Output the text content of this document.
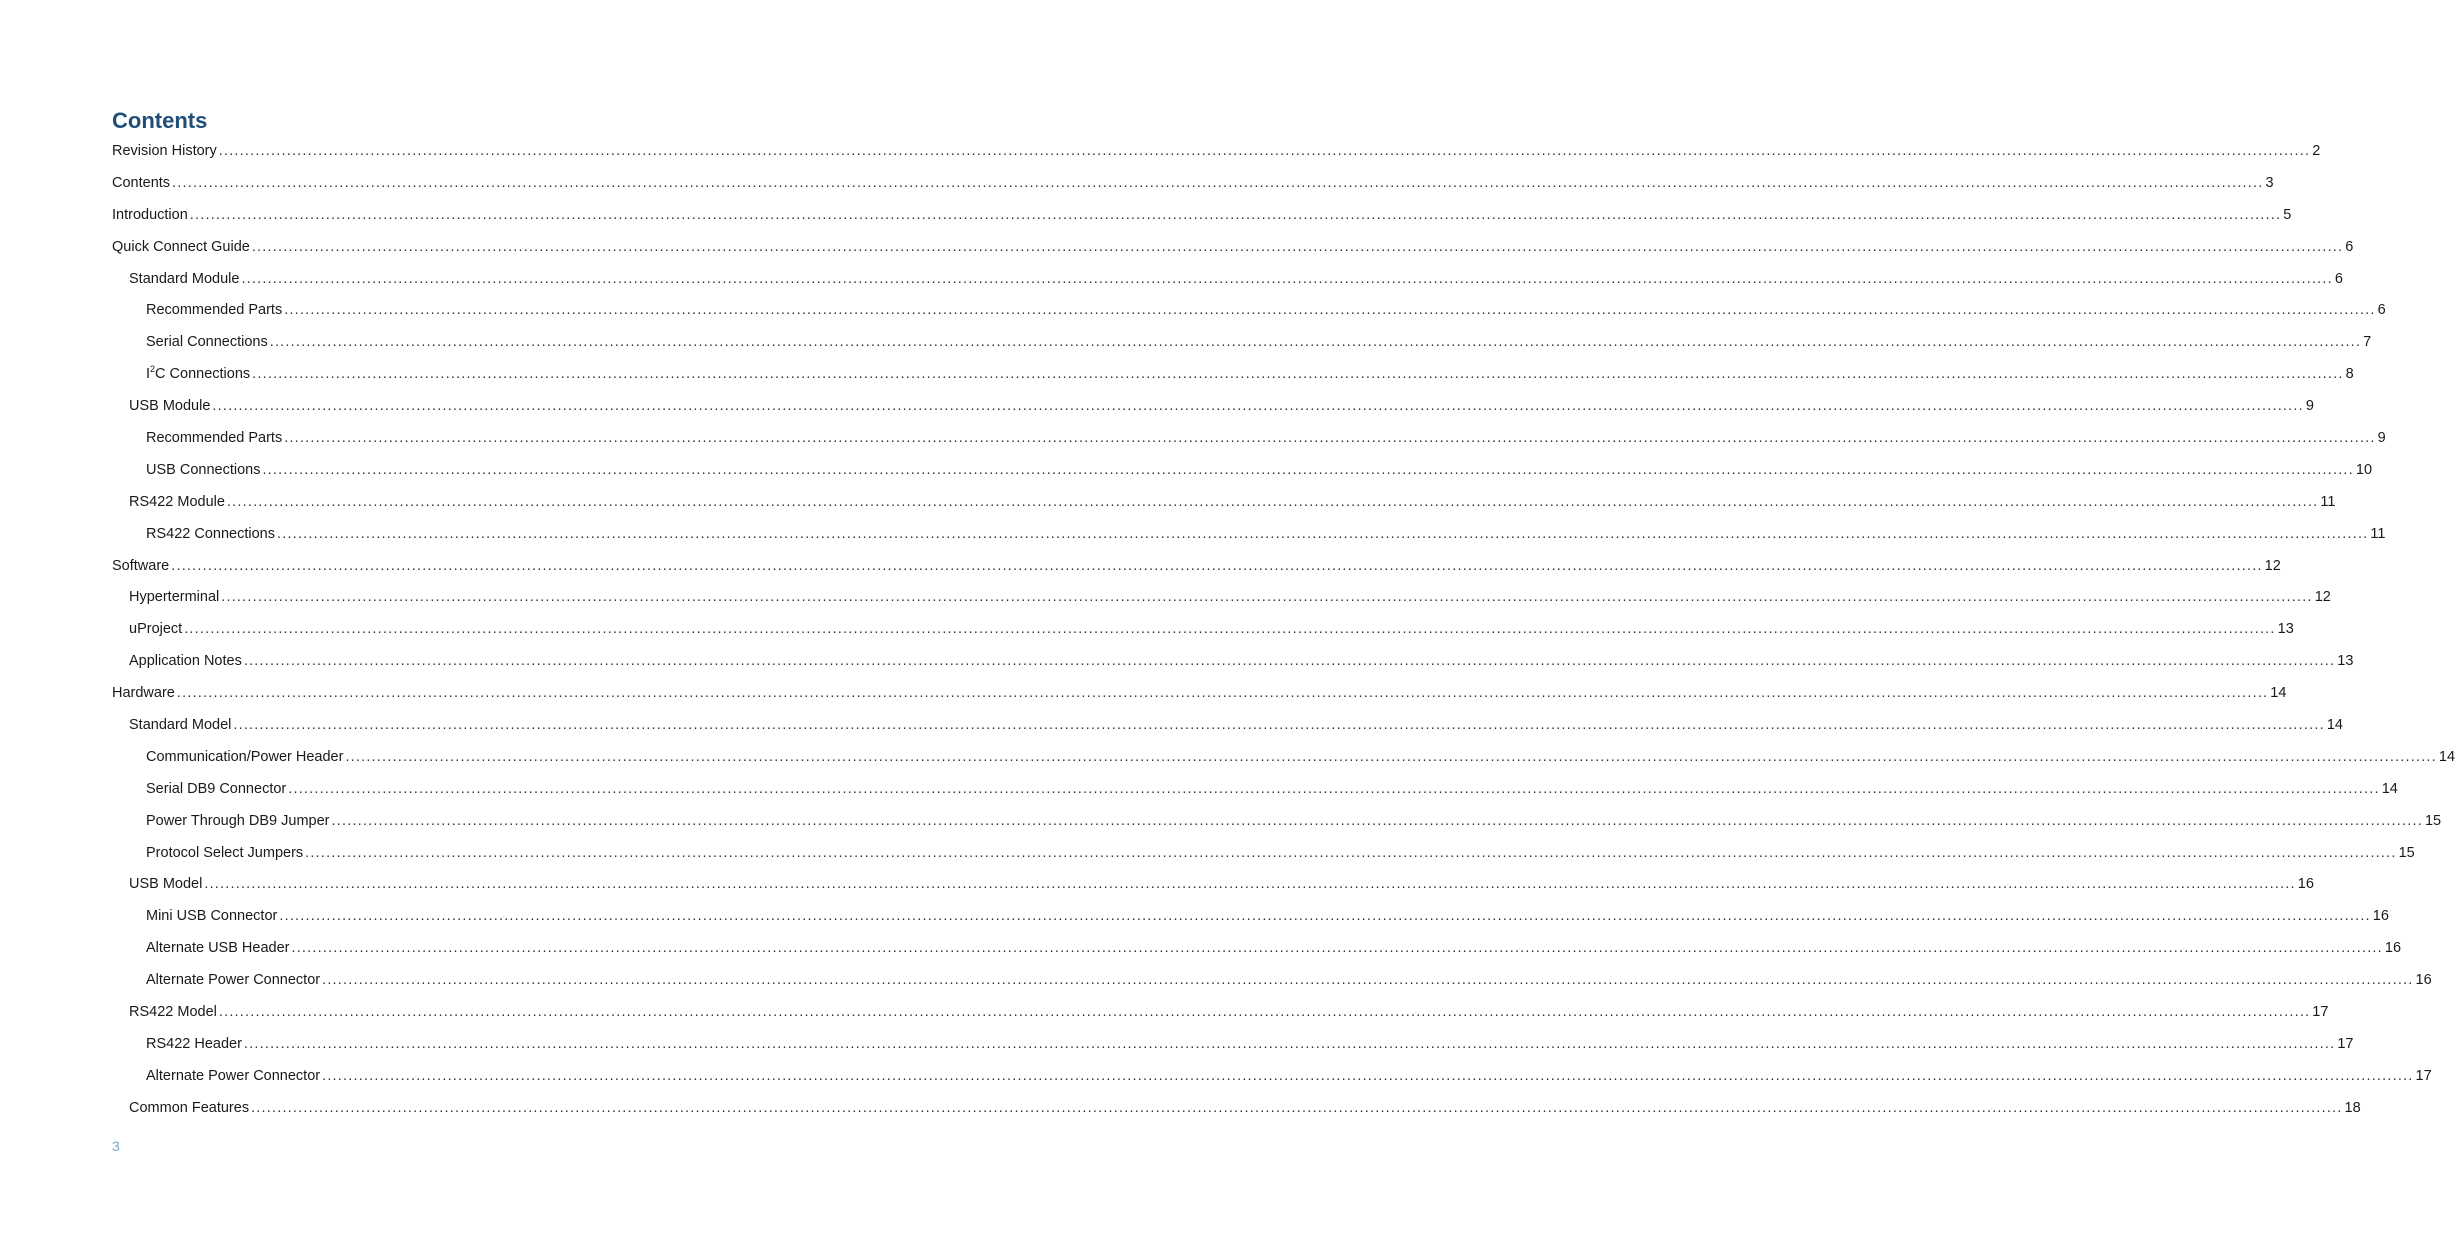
Contents
Revision History ................................................................................................................................................................................................................................................................................................................................................................................................................ 2
Contents ................................................................................................................................................................................................................................................................................................................................................................................................................ 3
Introduction ................................................................................................................................................................................................................................................................................................................................................................................................................ 5
Quick Connect Guide ................................................................................................................................................................................................................................................................................................................................................................................................................ 6
Standard Module ................................................................................................................................................................................................................................................................................................................................................................................................................ 6
Recommended Parts ................................................................................................................................................................................................................................................................................................................................................................................................................ 6
Serial Connections ................................................................................................................................................................................................................................................................................................................................................................................................................ 7
$I^2C$ Connections ................................................................................................................................................................................................................................................................................................................................................................................................................ 8
USB Module ................................................................................................................................................................................................................................................................................................................................................................................................................ 9
Recommended Parts ................................................................................................................................................................................................................................................................................................................................................................................................................ 9
USB Connections ................................................................................................................................................................................................................................................................................................................................................................................................................ 10
RS422 Module ................................................................................................................................................................................................................................................................................................................................................................................................................ 11
RS422 Connections ................................................................................................................................................................................................................................................................................................................................................................................................................ 11
Software ................................................................................................................................................................................................................................................................................................................................................................................................................ 12
Hyperterminal ................................................................................................................................................................................................................................................................................................................................................................................................................ 12
uProject ................................................................................................................................................................................................................................................................................................................................................................................................................ 13
Application Notes ................................................................................................................................................................................................................................................................................................................................................................................................................ 13
Hardware ................................................................................................................................................................................................................................................................................................................................................................................................................ 14
Standard Model ................................................................................................................................................................................................................................................................................................................................................................................................................ 14
Communication/Power Header ................................................................................................................................................................................................................................................................................................................................................................................................................ 14
Serial DB9 Connector ................................................................................................................................................................................................................................................................................................................................................................................................................ 14
Power Through DB9 Jumper ................................................................................................................................................................................................................................................................................................................................................................................................................ 15
Protocol Select Jumpers ................................................................................................................................................................................................................................................................................................................................................................................................................ 15
USB Model ................................................................................................................................................................................................................................................................................................................................................................................................................ 16
Mini USB Connector ................................................................................................................................................................................................................................................................................................................................................................................................................ 16
Alternate USB Header ................................................................................................................................................................................................................................................................................................................................................................................................................ 16
Alternate Power Connector ................................................................................................................................................................................................................................................................................................................................................................................................................ 16
RS422 Model ................................................................................................................................................................................................................................................................................................................................................................................................................ 17
RS422 Header ................................................................................................................................................................................................................................................................................................................................................................................................................ 17
Alternate Power Connector ................................................................................................................................................................................................................................................................................................................................................................................................................ 17
Common Features ................................................................................................................................................................................................................................................................................................................................................................................................................ 18
3
